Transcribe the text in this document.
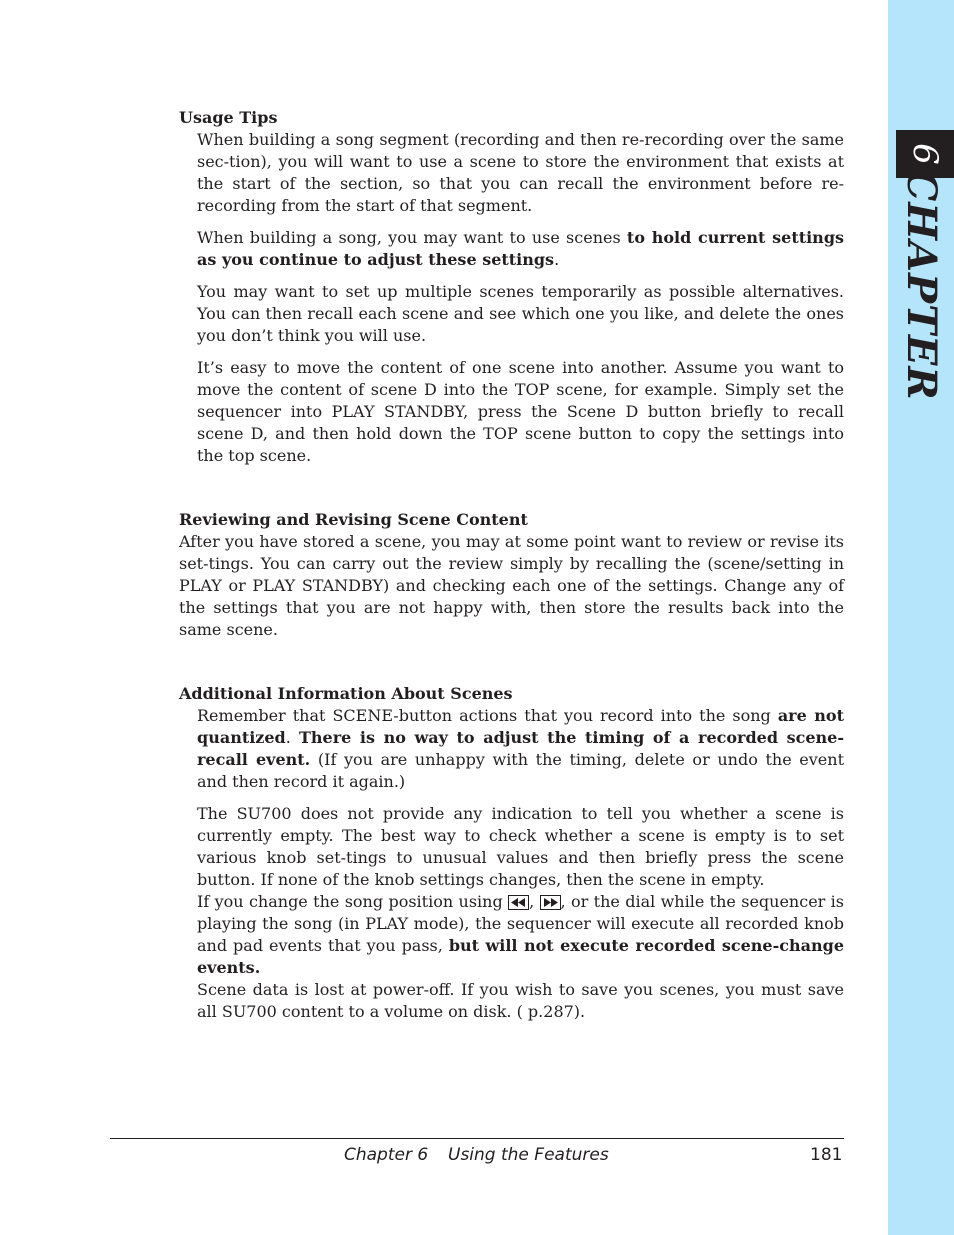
6
CHAPTER
Usage Tips

When building a song segment (recording and then re-recording over the same sec-tion), you will want to use a scene to store the environment that exists at the start of the section, so that you can recall the environment before re-recording from the start of that segment.

When building a song, you may want to use scenes to hold current settings as you continue to adjust these settings.

You may want to set up multiple scenes temporarily as possible alternatives. You can then recall each scene and see which one you like, and delete the ones you don’t think you will use.

It’s easy to move the content of one scene into another. Assume you want to move the content of scene D into the TOP scene, for example. Simply set the sequencer into PLAY STANDBY, press the Scene D button briefly to recall scene D, and then hold down the TOP scene button to copy the settings into the top scene.

Reviewing and Revising Scene Content

After you have stored a scene, you may at some point want to review or revise its set-tings. You can carry out the review simply by recalling the (scene/setting in PLAY or PLAY STANDBY) and checking each one of the settings. Change any of the settings that you are not happy with, then store the results back into the same scene.

Additional Information About Scenes

Remember that SCENE-button actions that you record into the song are not quantized. There is no way to adjust the timing of a recorded scene-recall event. (If you are unhappy with the timing, delete or undo the event and then record it again.)

The SU700 does not provide any indication to tell you whether a scene is currently empty. The best way to check whether a scene is empty is to set various knob set-tings to unusual values and then briefly press the scene button. If none of the knob settings changes, then the scene in empty.

If you change the song position using
,
, or the dial while the sequencer is playing the song (in PLAY mode), the sequencer will execute all recorded knob and pad events that you pass, but will not execute recorded scene-change events.

Scene data is lost at power-off. If you wish to save you scenes, you must save all SU700 content to a volume on disk. ( p.287).

Chapter 6 Using the Features	181
